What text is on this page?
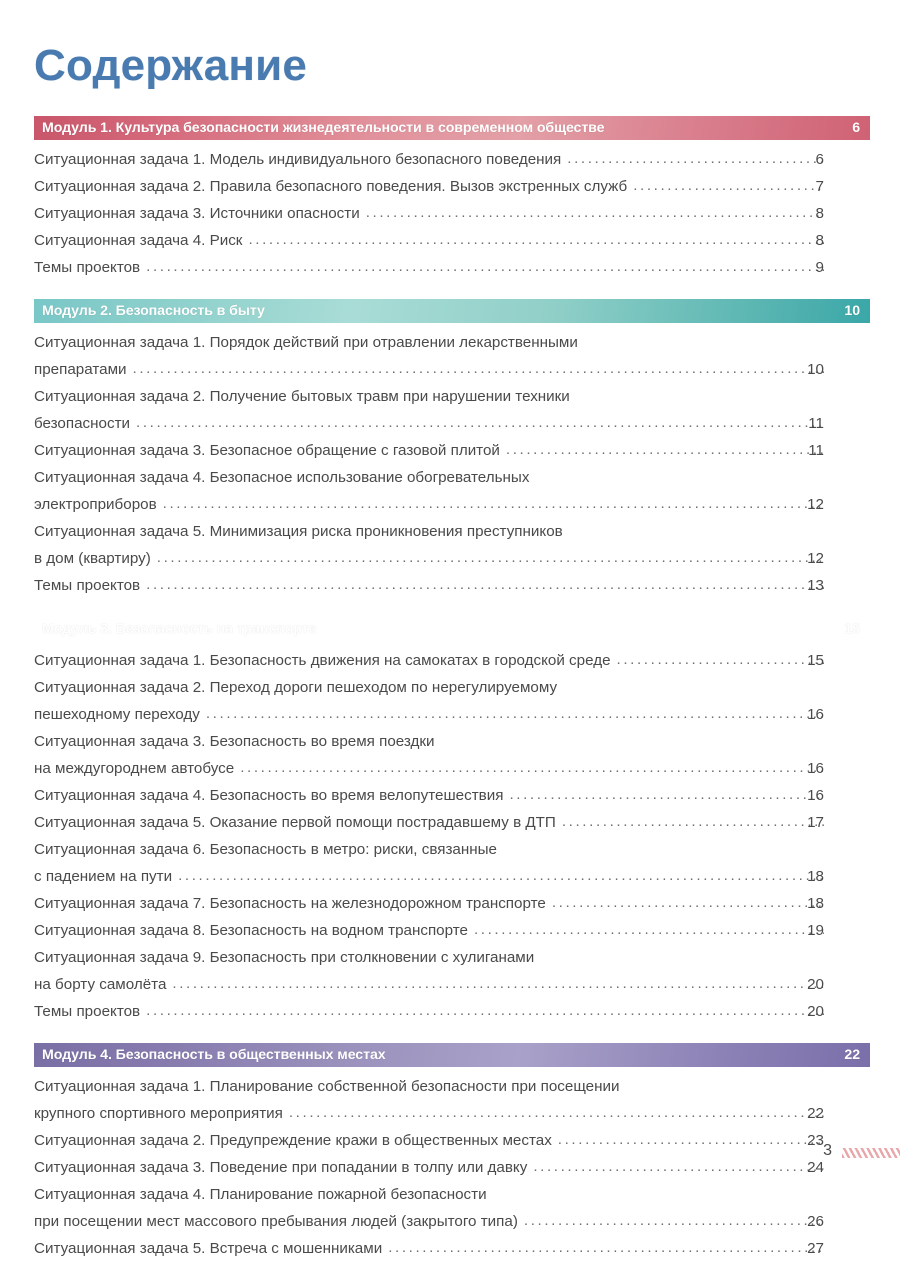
Содержание
Модуль 1. Культура безопасности жизнедеятельности в современном обществе	6
Ситуационная задача 1. Модель индивидуального безопасного поведения .....	6
Ситуационная задача 2. Правила безопасного поведения. Вызов экстренных служб .....	7
Ситуационная задача 3. Источники опасности .....	8
Ситуационная задача 4. Риск .....	8
Темы проектов .....	9
Модуль 2. Безопасность в быту	10
Ситуационная задача 1. Порядок действий при отравлении лекарственными
препаратами .....	10
Ситуационная задача 2. Получение бытовых травм при нарушении техники
безопасности .....	11
Ситуационная задача 3. Безопасное обращение с газовой плитой .....	11
Ситуационная задача 4. Безопасное использование обогревательных
электроприборов .....	12
Ситуационная задача 5. Минимизация риска проникновения преступников
в дом (квартиру) .....	12
Темы проектов .....	13
Модуль 3. Безопасность на транспорте	15
Ситуационная задача 1. Безопасность движения на самокатах в городской среде .....	15
Ситуационная задача 2. Переход дороги пешеходом по нерегулируемому
пешеходному переходу .....	16
Ситуационная задача 3. Безопасность во время поездки
на междугороднем автобусе .....	16
Ситуационная задача 4. Безопасность во время велопутешествия .....	16
Ситуационная задача 5. Оказание первой помощи пострадавшему в ДТП .....	17
Ситуационная задача 6. Безопасность в метро: риски, связанные
с падением на пути .....	18
Ситуационная задача 7. Безопасность на железнодорожном транспорте .....	18
Ситуационная задача 8. Безопасность на водном транспорте .....	19
Ситуационная задача 9. Безопасность при столкновении с хулиганами
на борту самолёта .....	20
Темы проектов .....	20
Модуль 4. Безопасность в общественных местах	22
Ситуационная задача 1. Планирование собственной безопасности при посещении
крупного спортивного мероприятия .....	22
Ситуационная задача 2. Предупреждение кражи в общественных местах .....	23
Ситуационная задача 3. Поведение при попадании в толпу или давку .....	24
Ситуационная задача 4. Планирование пожарной безопасности
при посещении мест массового пребывания людей (закрытого типа) .....	26
Ситуационная задача 5. Встреча с мошенниками .....	27
3
